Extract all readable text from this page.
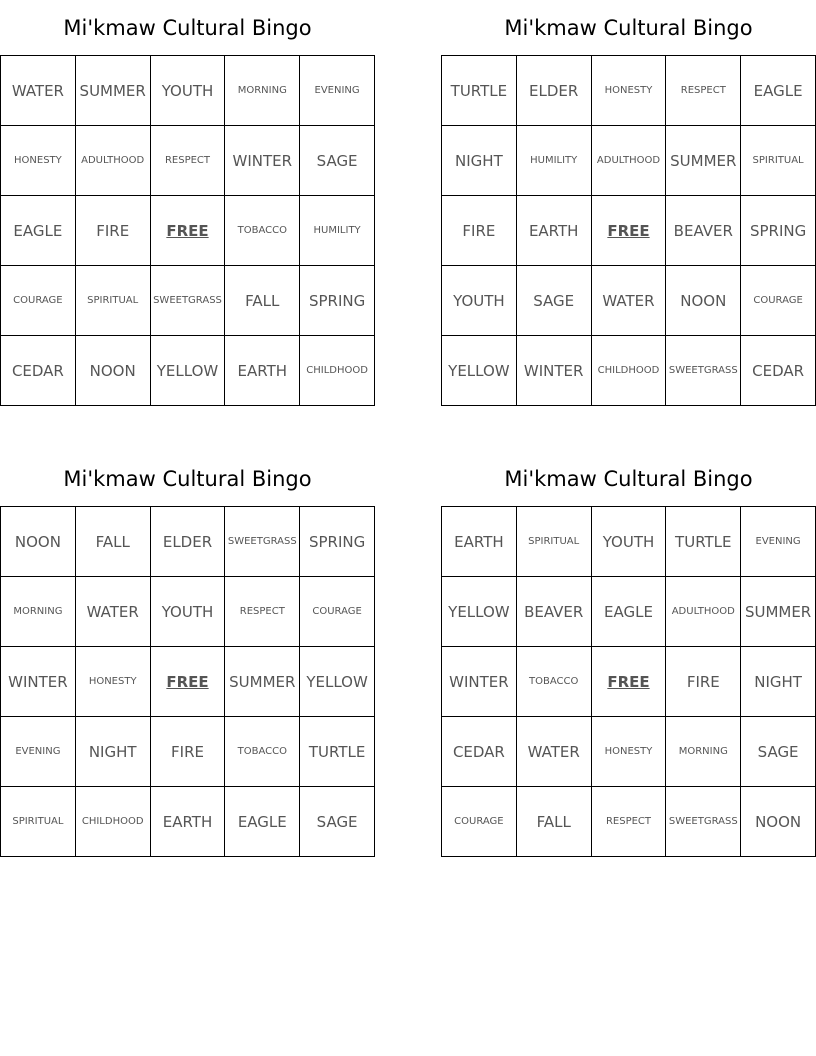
Mi'kmaw Cultural Bingo
WATER	SUMMER	YOUTH	MORNING	EVENING
HONESTY	ADULTHOOD	RESPECT	WINTER	SAGE
EAGLE	FIRE	FREE	TOBACCO	HUMILITY
COURAGE	SPIRITUAL	SWEETGRASS	FALL	SPRING
CEDAR	NOON	YELLOW	EARTH	CHILDHOOD
Mi'kmaw Cultural Bingo
TURTLE	ELDER	HONESTY	RESPECT	EAGLE
NIGHT	HUMILITY	ADULTHOOD	SUMMER	SPIRITUAL
FIRE	EARTH	FREE	BEAVER	SPRING
YOUTH	SAGE	WATER	NOON	COURAGE
YELLOW	WINTER	CHILDHOOD	SWEETGRASS	CEDAR
Mi'kmaw Cultural Bingo
NOON	FALL	ELDER	SWEETGRASS	SPRING
MORNING	WATER	YOUTH	RESPECT	COURAGE
WINTER	HONESTY	FREE	SUMMER	YELLOW
EVENING	NIGHT	FIRE	TOBACCO	TURTLE
SPIRITUAL	CHILDHOOD	EARTH	EAGLE	SAGE
Mi'kmaw Cultural Bingo
EARTH	SPIRITUAL	YOUTH	TURTLE	EVENING
YELLOW	BEAVER	EAGLE	ADULTHOOD	SUMMER
WINTER	TOBACCO	FREE	FIRE	NIGHT
CEDAR	WATER	HONESTY	MORNING	SAGE
COURAGE	FALL	RESPECT	SWEETGRASS	NOON
